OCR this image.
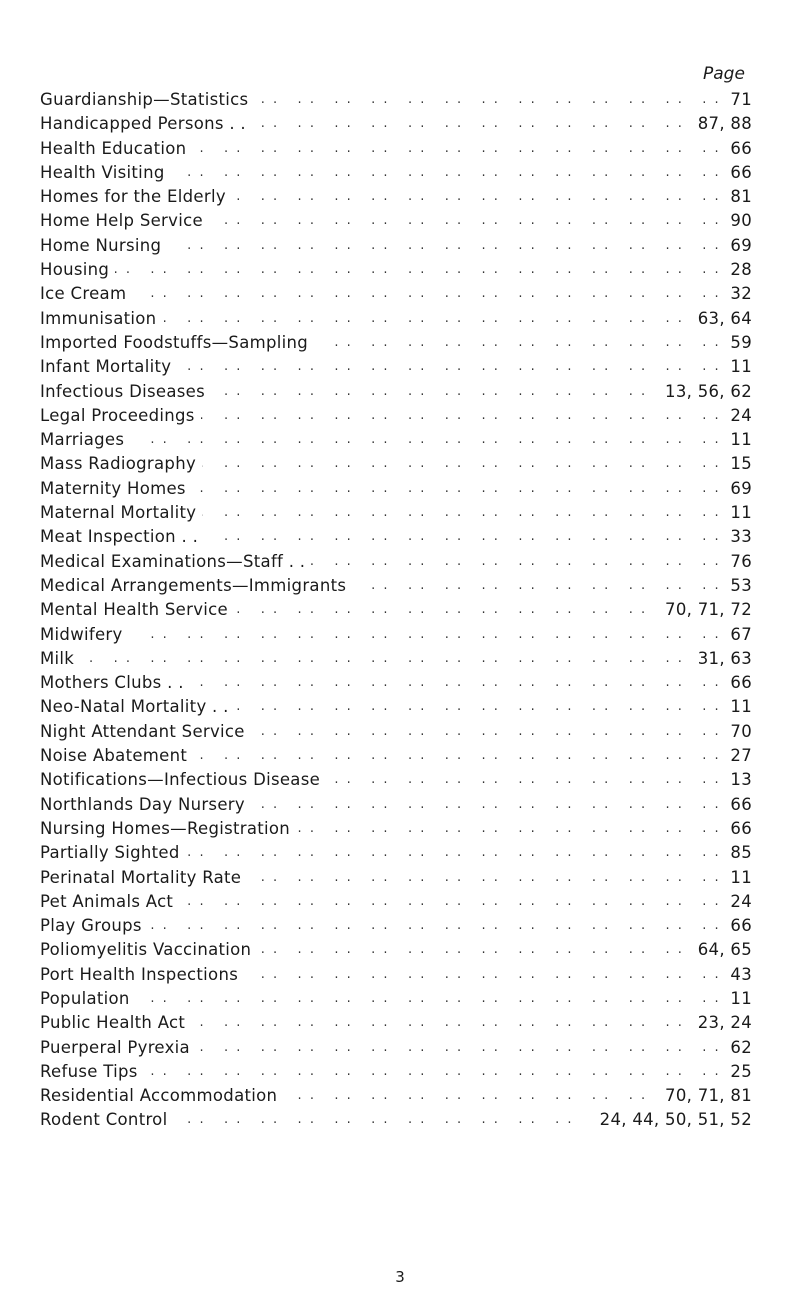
Page
. .
Guardianship—Statistics	71
. .
Handicapped Persons . .	87, 88
. .
Health Education	66
. .
Health Visiting	66
. .
Homes for the Elderly	81
. .
Home Help Service	90
. .
Home Nursing	69
. .
Housing	28
. .
Ice Cream	32
. .
Immunisation	63, 64
. .
Imported Foodstuffs—Sampling	59
. .
Infant Mortality	11
. .
Infectious Diseases	13, 56, 62
. .
Legal Proceedings	24
. .
Marriages	11
. .
Mass Radiography	15
. .
Maternity Homes	69
. .
Maternal Mortality	11
. .
Meat Inspection . .	33
. .
Medical Examinations—Staff . .	76
. .
Medical Arrangements—Immigrants	53
. .
Mental Health Service	70, 71, 72
. .
Midwifery	67
. .
Milk	31, 63
. .
Mothers Clubs . .	66
. .
Neo-Natal Mortality . .	11
. .
Night Attendant Service	70
. .
Noise Abatement	27
. .
Notifications—Infectious Disease	13
. .
Northlands Day Nursery	66
. .
Nursing Homes—Registration	66
. .
Partially Sighted	85
. .
Perinatal Mortality Rate	11
. .
Pet Animals Act	24
. .
Play Groups	66
. .
Poliomyelitis Vaccination	64, 65
. .
Port Health Inspections	43
. .
Population	11
. .
Public Health Act	23, 24
. .
Puerperal Pyrexia	62
. .
Refuse Tips	25
. .
Residential Accommodation	70, 71, 81
. .
Rodent Control	24, 44, 50, 51, 52
3
